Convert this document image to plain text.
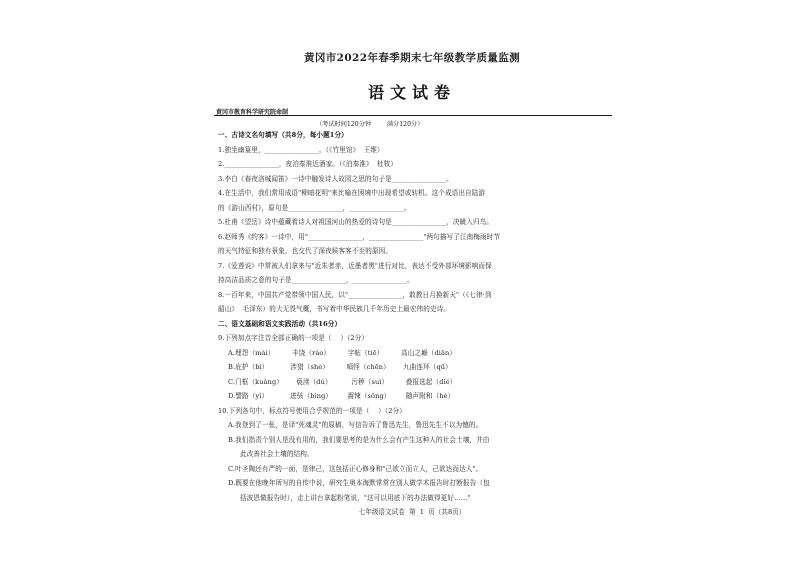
黄冈市2022年春季期末七年级教学质量监测
语文试卷
黄冈市教育科学研究院命制
（考试时间120分钟        满分120分）
一、古诗文名句填写（共8分，每小题1分）
1.独坐幽篁里，________________。（《竹里馆》  王维）
2.________________，夜泊秦淮近酒家。（《泊秦淮》  杜牧）
3.李白《春夜洛城闻笛》一诗中触发诗人故园之思的句子是________________。
4.在生活中，我们常用成语"柳暗花明"来比喻在困境中出现希望或转机。这个成语出自陆游
的《游山西村》，原句是________________，________________。
5.杜甫《望岳》诗中蕴藏着诗人对祖国河山的热爱的诗句是________________，决眦入归鸟。
6.赵师秀《约客》一诗中，用"________________，________________"两句描写了江南梅雨时节
的天气特征和独有景象，也交代了深夜候客客不至的原因。
7.《爱莲说》中常被人们拿来与"近朱者赤，近墨者黑"进行对比，表达不受外部环境影响而保
持高洁品质之意的句子是________________，________________。
8.一百年来，中国共产党带领中国人民，以"________________，敢教日月换新天"（《七律·到
韶山》  毛泽东）的大无畏气概，书写着中华民族几千年历史上最宏伟的史诗。
二、语文基础和语文实践活动（共16分）
9.下列加点字注音全部正确的一项是（    ）（2分）
A.埋怨（mái）        丰饶（ráo）        字帖（tiē）        高山之巅（diān）
B.庇护（bì）          涉猎（shè）        嗔怪（chēn）      九曲连环（qū）
C.门框（kuàng）      亵渎（dú）         污秽（suì）        叠报选起（dié）
D.譬路（yì）          进骇（bìng）       震悚（sǒng）       随声附和（hè）
10.下列各句中，标点符号使用合乎规范的一项是（    ）（2分）
A.我登到了一张，是译"死魂灵"的原稿，写信告诉了鲁迅先生，鲁迅先生不以为憾的。
B.我们指责个别人是没有用的，我们要思考的是为什么会有产生这种人的社会土壤，并由
此改善社会土壤的结构。
C.叶圣陶还有严的一面，是律己，这包括正心修身和"己欲立而立人，己欲达而达人"。
D.既要在他晚年所写的自传中说，研究生奥本海默常常在别人做学术报告时打断报告（包
括波恩做报告时），走上讲台拿起粉笔说，"这可以用底下的办法做得更好……"
七年级语文试卷  第  1  页（共8页）
